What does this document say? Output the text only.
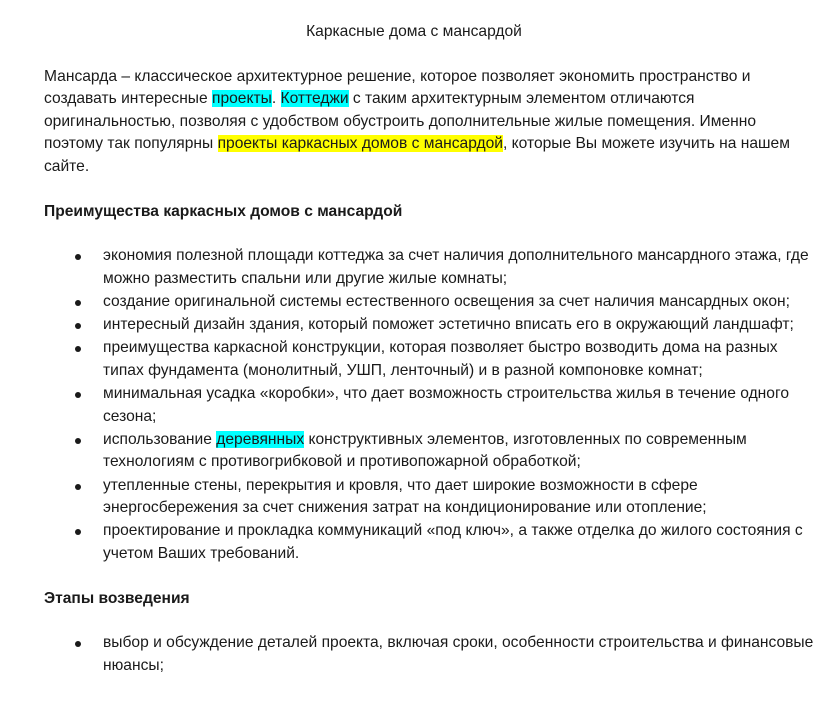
Каркасные дома с мансардой

Мансарда – классическое архитектурное решение, которое позволяет экономить пространство и создавать интересные проекты. Коттеджи с таким архитектурным элементом отличаются оригинальностью, позволяя с удобством обустроить дополнительные жилые помещения. Именно поэтому так популярны проекты каркасных домов с мансардой, которые Вы можете изучить на нашем сайте.

Преимущества каркасных домов с мансардой
экономия полезной площади коттеджа за счет наличия дополнительного мансардного этажа, где можно разместить спальни или другие жилые комнаты;
создание оригинальной системы естественного освещения за счет наличия мансардных окон;
интересный дизайн здания, который поможет эстетично вписать его в окружающий ландшафт;
преимущества каркасной конструкции, которая позволяет быстро возводить дома на разных типах фундамента (монолитный, УШП, ленточный) и в разной компоновке комнат;
минимальная усадка «коробки», что дает возможность строительства жилья в течение одного сезона;
использование деревянных конструктивных элементов, изготовленных по современным технологиям с противогрибковой и противопожарной обработкой;
утепленные стены, перекрытия и кровля, что дает широкие возможности в сфере энергосбережения за счет снижения затрат на кондиционирование или отопление;
проектирование и прокладка коммуникаций «под ключ», а также отделка до жилого состояния с учетом Ваших требований.
Этапы возведения
выбор и обсуждение деталей проекта, включая сроки, особенности строительства и финансовые нюансы;
